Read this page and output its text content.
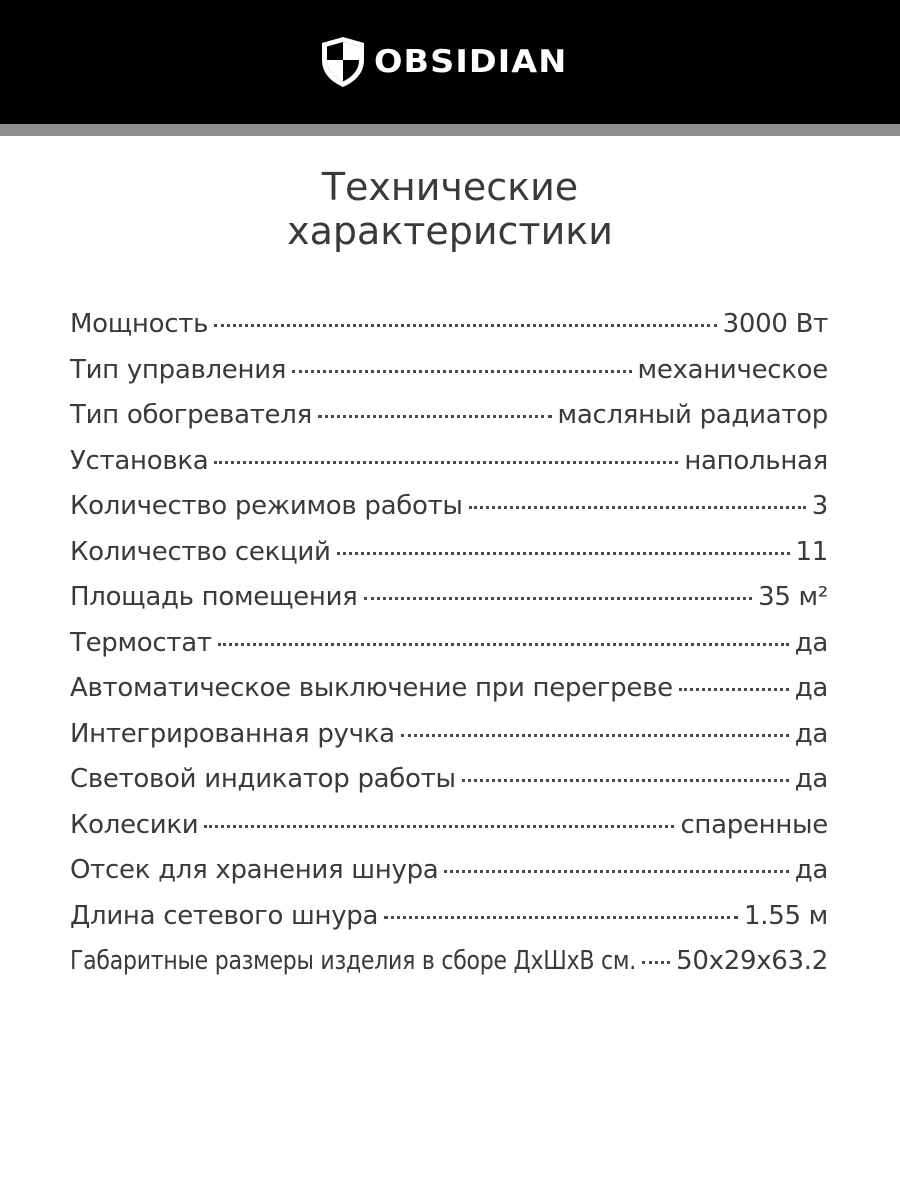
OBSIDIAN
Технические
характеристики
Мощность	3000 Вт
Тип управления	механическое
Тип обогревателя	масляный радиатор
Установка	напольная
Количество режимов работы	3
Количество секций	11
Площадь помещения	35 м²
Термостат	да
Автоматическое выключение при перегреве	да
Интегрированная ручка	да
Световой индикатор работы	да
Колесики	спаренные
Отсек для хранения шнура	да
Длина сетевого шнура	1.55 м
Габаритные размеры изделия в сборе ДхШхВ см. 50x29x63.2
